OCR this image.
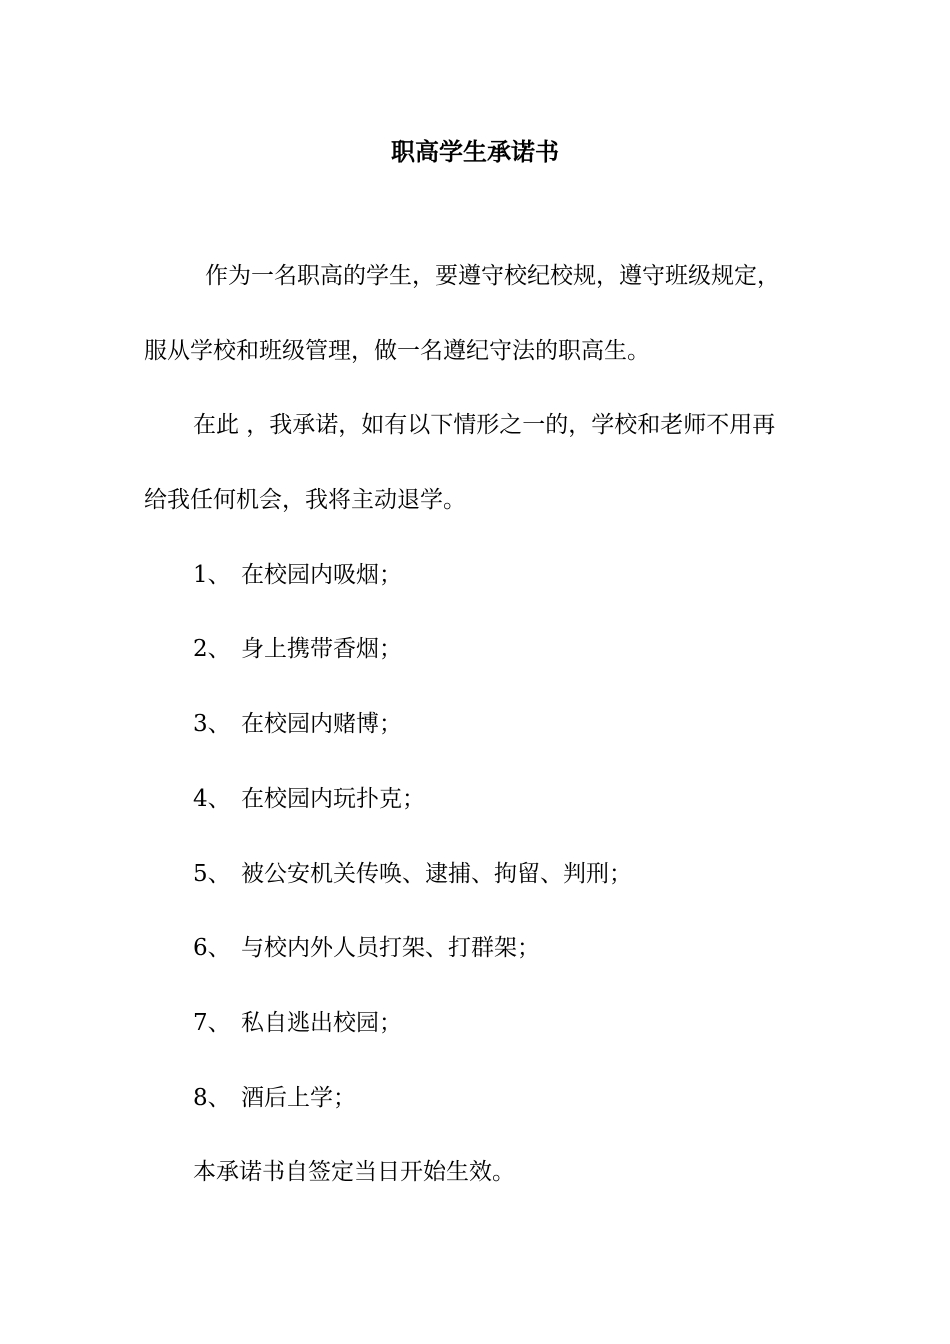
职高学生承诺书
作为一名职高的学生，要遵守校纪校规，遵守班级规定，
服从学校和班级管理，做一名遵纪守法的职高生。
在此 ，我承诺，如有以下情形之一的，学校和老师不用再
给我任何机会，我将主动退学。
1、 在校园内吸烟；
2、 身上携带香烟；
3、 在校园内赌博；
4、 在校园内玩扑克；
5、 被公安机关传唤、逮捕、拘留、判刑；
6、 与校内外人员打架、打群架；
7、 私自逃出校园；
8、 酒后上学；
本承诺书自签定当日开始生效。
